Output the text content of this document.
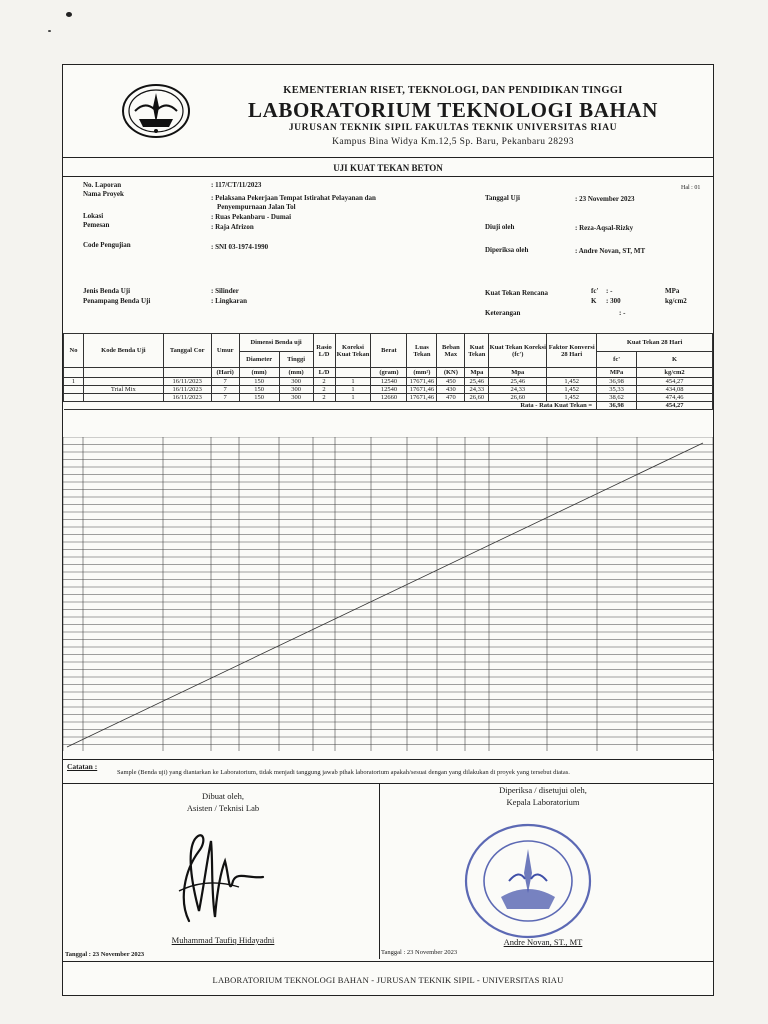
KEMENTERIAN RISET, TEKNOLOGI, DAN PENDIDIKAN TINGGI
LABORATORIUM TEKNOLOGI BAHAN
JURUSAN TEKNIK SIPIL FAKULTAS TEKNIK UNIVERSITAS RIAU
Kampus Bina Widya Km.12,5 Sp. Baru, Pekanbaru 28293
UJI KUAT TEKAN BETON
No. Laporan	: 117/CT/11/2023
Nama Proyek	: Pelaksana Pekerjaan Tempat Istirahat Pelayanan dan
Penyempurnaan Jalan Tol
Lokasi	: Ruas Pekanbaru - Dumai
Pemesan	: Raja Afrizon
Code Pengujian	: SNI 03-1974-1990
Hal : 01
Tanggal Uji	: 23 November 2023
Diuji oleh	: Reza-Aqsal-Rizky
Diperiksa oleh	: Andre Novan, ST, MT
Jenis Benda Uji	: Silinder
Penampang Benda Uji	: Lingkaran
Kuat Tekan Rencana	fc' : -	MPa
K : 300	kg/cm2
Keterangan	: -
No	Kode Benda Uji	Tanggal Cor	Umur	Dimensi Benda uji		Rasio L/D	Koreksi Kuat Tekan	Berat	Luas Tekan	Beban Max	Kuat Tekan	Kuat Tekan Koreksi (fc')	Faktor Konversi 28 Hari	Kuat Tekan 28 Hari	
				Diameter	Tinggi									fc'	K
			(Hari)	(mm)	(mm)	L/D		(gram)	(mm²)	(KN)	Mpa	Mpa		MPa	kg/cm2
1		16/11/2023	7	150	300	2	1	12540	17671,46	450	25,46	25,46	1,452	36,98	454,27
	Trial Mix	16/11/2023	7	150	300	2	1	12540	17671,46	430	24,33	24,33	1,452	35,33	434,08
		16/11/2023	7	150	300	2	1	12660	17671,46	470	26,60	26,60	1,452	38,62	474,46
Rata - Rata Kuat Tekan =														36,98	454,27
Catatan :
Sample (Benda uji) yang diantarkan ke Laboratorium, tidak menjadi tanggung jawab pihak laboratorium apakah/sesuai dengan yang dilakukan di proyek yang tersebut diatas.
Dibuat oleh,
Asisten / Teknisi Lab
Muhammad Taufiq Hidayadni
Tanggal : 23 November 2023
Diperiksa / disetujui oleh,
Kepala Laboratorium
Andre Novan, ST., MT
Tanggal : 23 November 2023
LABORATORIUM TEKNOLOGI BAHAN - JURUSAN TEKNIK SIPIL - UNIVERSITAS RIAU
